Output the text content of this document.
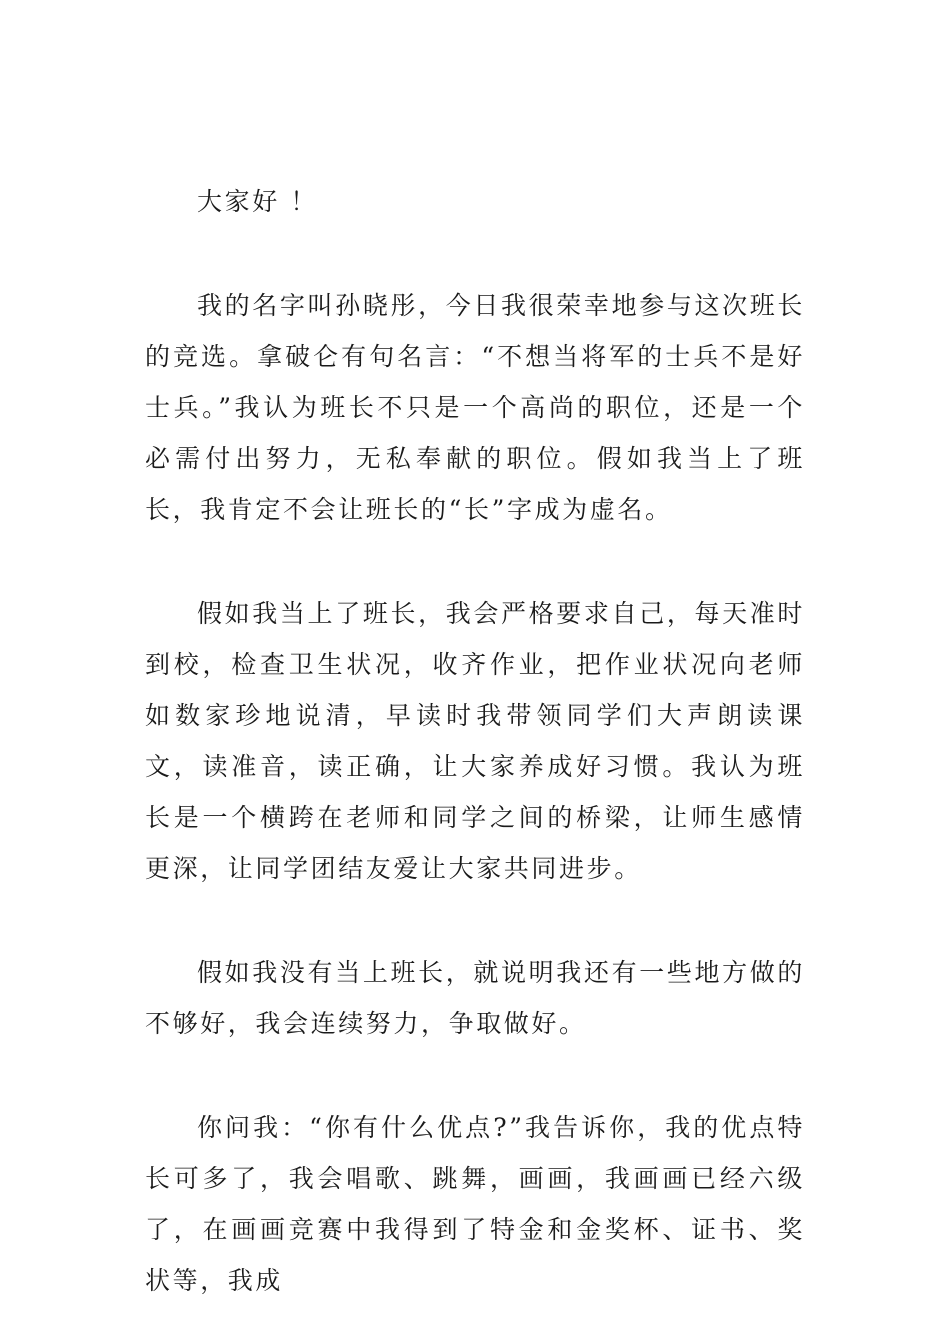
大家好 ！

我的名字叫孙晓彤，今日我很荣幸地参与这次班长的竞选。拿破仑有句名言：“不想当将军的士兵不是好士兵。”我认为班长不只是一个高尚的职位，还是一个必需付出努力，无私奉献的职位。假如我当上了班长，我肯定不会让班长的“长”字成为虚名。

假如我当上了班长，我会严格要求自己，每天准时到校，检查卫生状况，收齐作业，把作业状况向老师如数家珍地说清，早读时我带领同学们大声朗读课文，读准音，读正确，让大家养成好习惯。我认为班长是一个横跨在老师和同学之间的桥梁，让师生感情更深，让同学团结友爱让大家共同进步。

假如我没有当上班长，就说明我还有一些地方做的不够好，我会连续努力，争取做好。

你问我：“你有什么优点?”我告诉你，我的优点特长可多了，我会唱歌、跳舞，画画，我画画已经六级了，在画画竞赛中我得到了特金和金奖杯、证书、奖状等，我成
